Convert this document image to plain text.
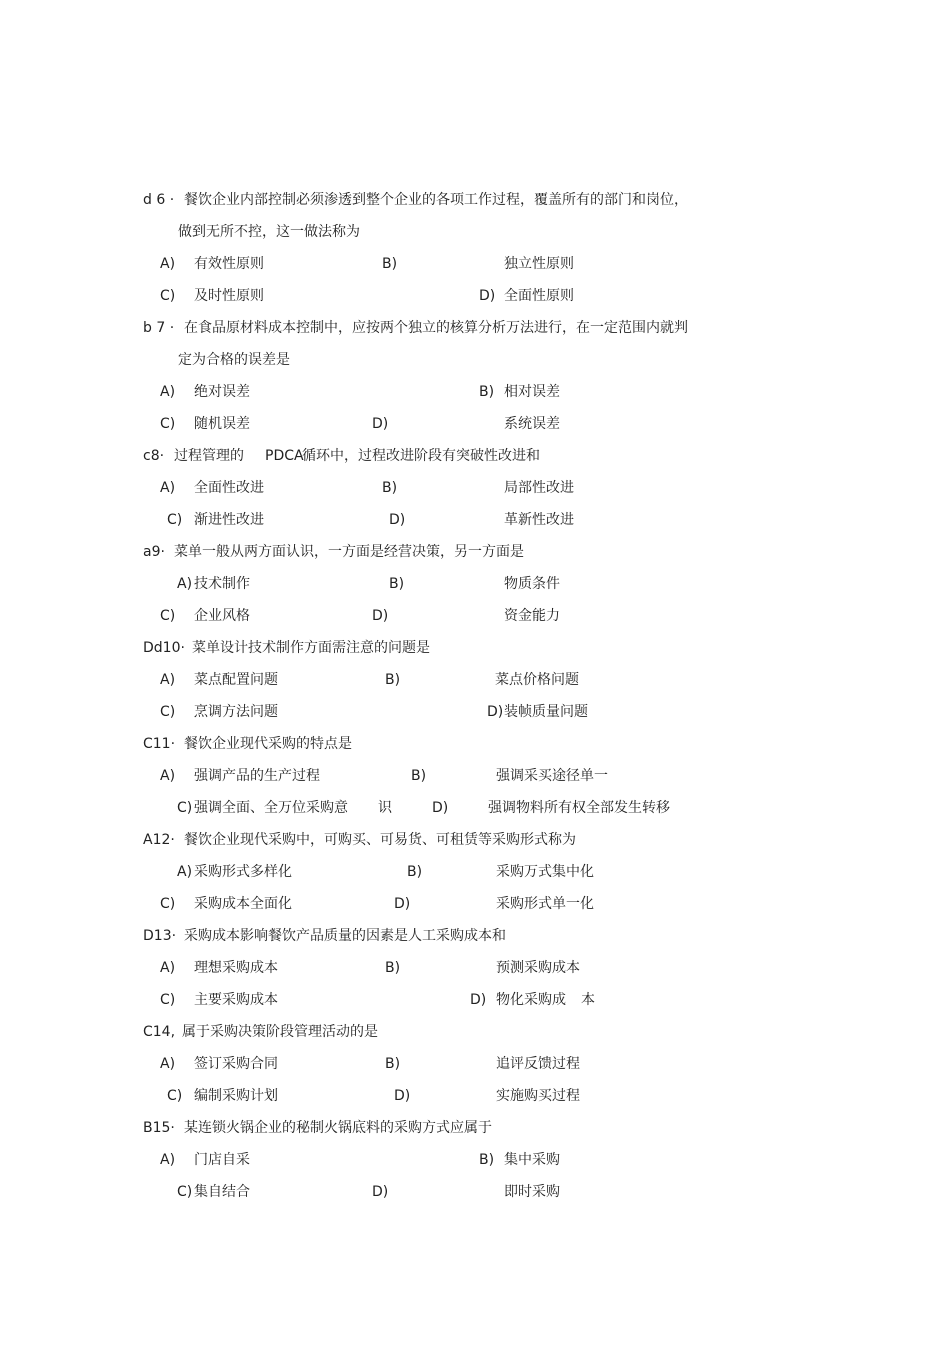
d 6 · 餐饮企业内部控制必须渗透到整个企业的各项工作过程，覆盖所有的部门和岗位，
做到无所不控，这一做法称为
A) 有效性原则	B)	独立性原则
C) 及时性原则	D) 全面性原则
b 7 · 在食品原材料成本控制中，应按两个独立的核算分析万法进行，在一定范围内就判
定为合格的误差是
A) 绝对误差	B) 相对误差
C) 随机误差	D)	系统误差
c8· 过程管理的 PDCA
循环中，过程改进阶段有突破性改进和
A) 全面性改进	B)	局部性改进
C) 渐进性改进	D)	革新性改进
a9· 菜单一般从两方面认识，一方面是经营决策，另一方面是
A) 技术制作	B)	物质条件
C) 企业风格	D)	资金能力
Dd10· 菜单设计技术制作方面需注意的问题是
A) 菜点配置问题	B)	菜点价格问题
C) 烹调方法问题	D) 装帧质量问题
C11· 餐饮企业现代采购的特点是
A) 强调产品的生产过程	B)	强调采买途径单一
C) 强调全面、全万位采购意 识	D)	强调物料所有权全部发生转移
A12· 餐饮企业现代采购中，可购买、可易货、可租赁等采购形式称为
A) 采购形式多样化	B)	采购万式集中化
C) 采购成本全面化	D)	采购形式单一化
D13· 采购成本影响餐饮产品质量的因素是人工采购成本和
A) 理想采购成本	B)	预测采购成本
C) 主要采购成本	D) 物化采购成 本
C14, 属于采购决策阶段管理活动的是
A) 签订采购合同	B)	追评反馈过程
C) 编制采购计划	D)	实施购买过程
B15· 某连锁火锅企业的秘制火锅底料的采购方式应属于
A) 门店自采	B) 集中采购
C) 集自结合	D)	即时采购
